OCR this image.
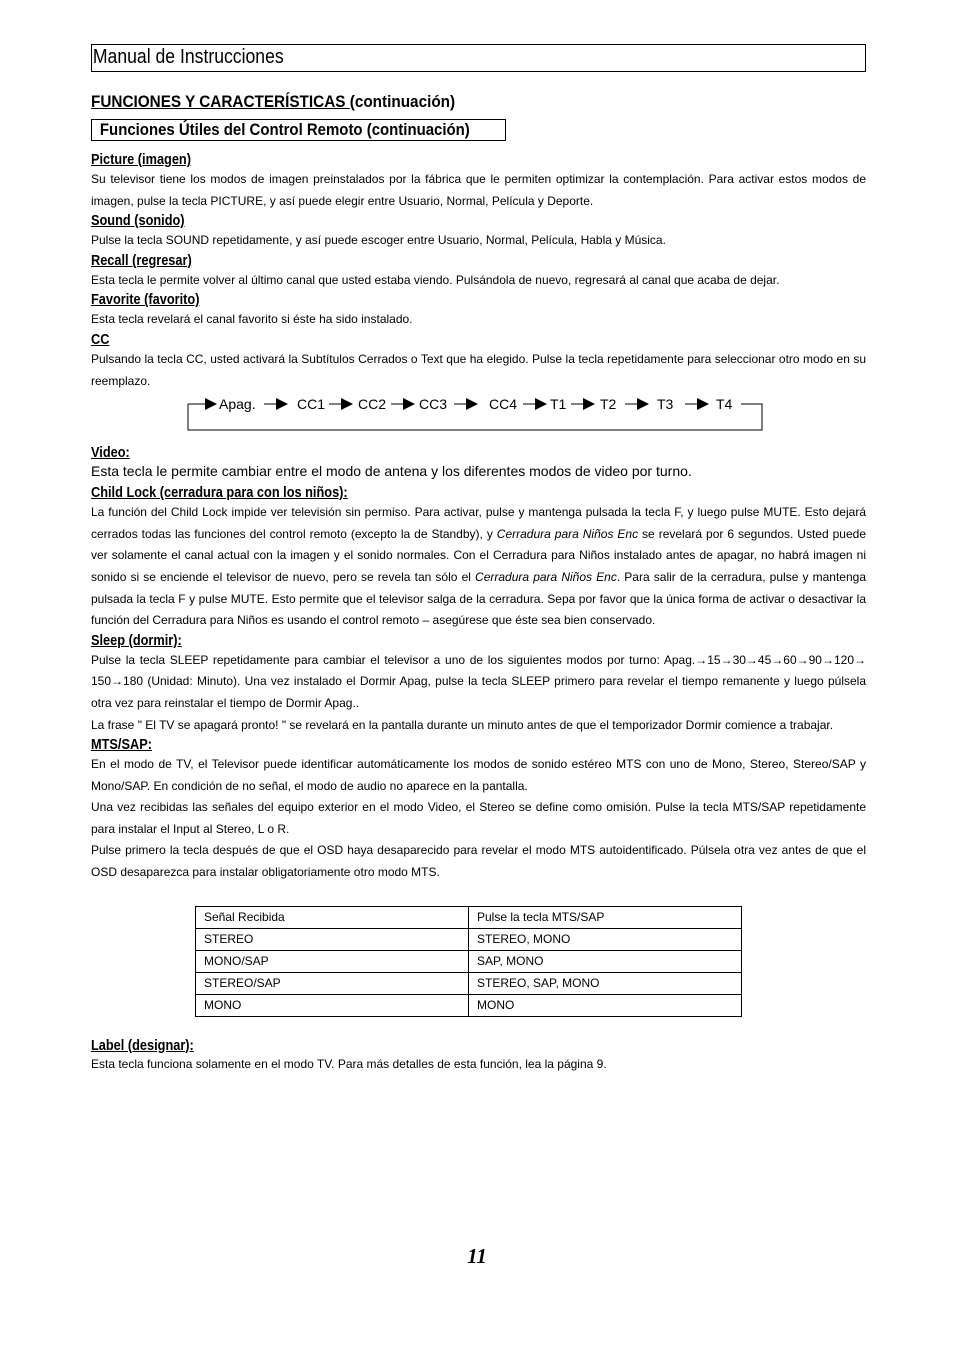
Manual de Instrucciones
FUNCIONES Y CARACTERÍSTICAS (continuación)
Funciones Útiles del Control Remoto (continuación)
Picture (imagen)

Su televisor tiene los modos de imagen preinstalados por la fábrica que le permiten optimizar la contemplación. Para activar estos modos de imagen, pulse la tecla PICTURE, y así puede elegir entre Usuario, Normal, Película y Deporte.

Sound (sonido)

Pulse la tecla SOUND repetidamente, y así puede escoger entre Usuario, Normal, Película, Habla y Música.

Recall (regresar)

Esta tecla le permite volver al último canal que usted estaba viendo. Pulsándola de nuevo, regresará al canal que acaba de dejar.

Favorite (favorito)

Esta tecla revelará el canal favorito si éste ha sido instalado.

CC

Pulsando la tecla CC, usted activará la Subtítulos Cerrados o Text que ha elegido. Pulse la tecla repetidamente para seleccionar otro modo en su reemplazo.

Apag.	CC1 CC2 CC3	CC4 T1 T2	T3	T4
Video:

Esta tecla le permite cambiar entre el modo de antena y los diferentes modos de video por turno.

Child Lock (cerradura para con los niños):

La función del Child Lock impide ver televisión sin permiso. Para activar, pulse y mantenga pulsada la tecla F, y luego pulse MUTE. Esto dejará cerrados todas las funciones del control remoto (excepto la de Standby), y Cerradura para Niños Enc se revelará por 6 segundos. Usted puede ver solamente el canal actual con la imagen y el sonido normales. Con el Cerradura para Niños instalado antes de apagar, no habrá imagen ni sonido si se enciende el televisor de nuevo, pero se revela tan sólo el Cerradura para Niños Enc. Para salir de la cerradura, pulse y mantenga pulsada la tecla F y pulse MUTE. Esto permite que el televisor salga de la cerradura. Sepa por favor que la única forma de activar o desactivar la función del Cerradura para Niños es usando el control remoto – asegúrese que éste sea bien conservado.

Sleep (dormir):

Pulse la tecla SLEEP repetidamente para cambiar el televisor a uno de los siguientes modos por turno: Apag.→15→30→45→60→90→120→ 150→180 (Unidad: Minuto). Una vez instalado el Dormir Apag, pulse la tecla SLEEP primero para revelar el tiempo remanente y luego púlsela otra vez para reinstalar el tiempo de Dormir Apag..

La frase " El TV se apagará pronto! " se revelará en la pantalla durante un minuto antes de que el temporizador Dormir comience a trabajar.

MTS/SAP:

En el modo de TV, el Televisor puede identificar automáticamente los modos de sonido estéreo MTS con uno de Mono, Stereo, Stereo/SAP y Mono/SAP. En condición de no señal, el modo de audio no aparece en la pantalla.

Una vez recibidas las señales del equipo exterior en el modo Video, el Stereo se define como omisión. Pulse la tecla MTS/SAP repetidamente para instalar el Input al Stereo, L o R.

Pulse primero la tecla después de que el OSD haya desaparecido para revelar el modo MTS autoidentificado. Púlsela otra vez antes de que el OSD desaparezca para instalar obligatoriamente otro modo MTS.

Señal Recibida	Pulse la tecla MTS/SAP
STEREO	STEREO, MONO
MONO/SAP	SAP, MONO
STEREO/SAP	STEREO, SAP, MONO
MONO	MONO
Label (designar):

Esta tecla funciona solamente en el modo TV. Para más detalles de esta función, lea la página 9.

11
